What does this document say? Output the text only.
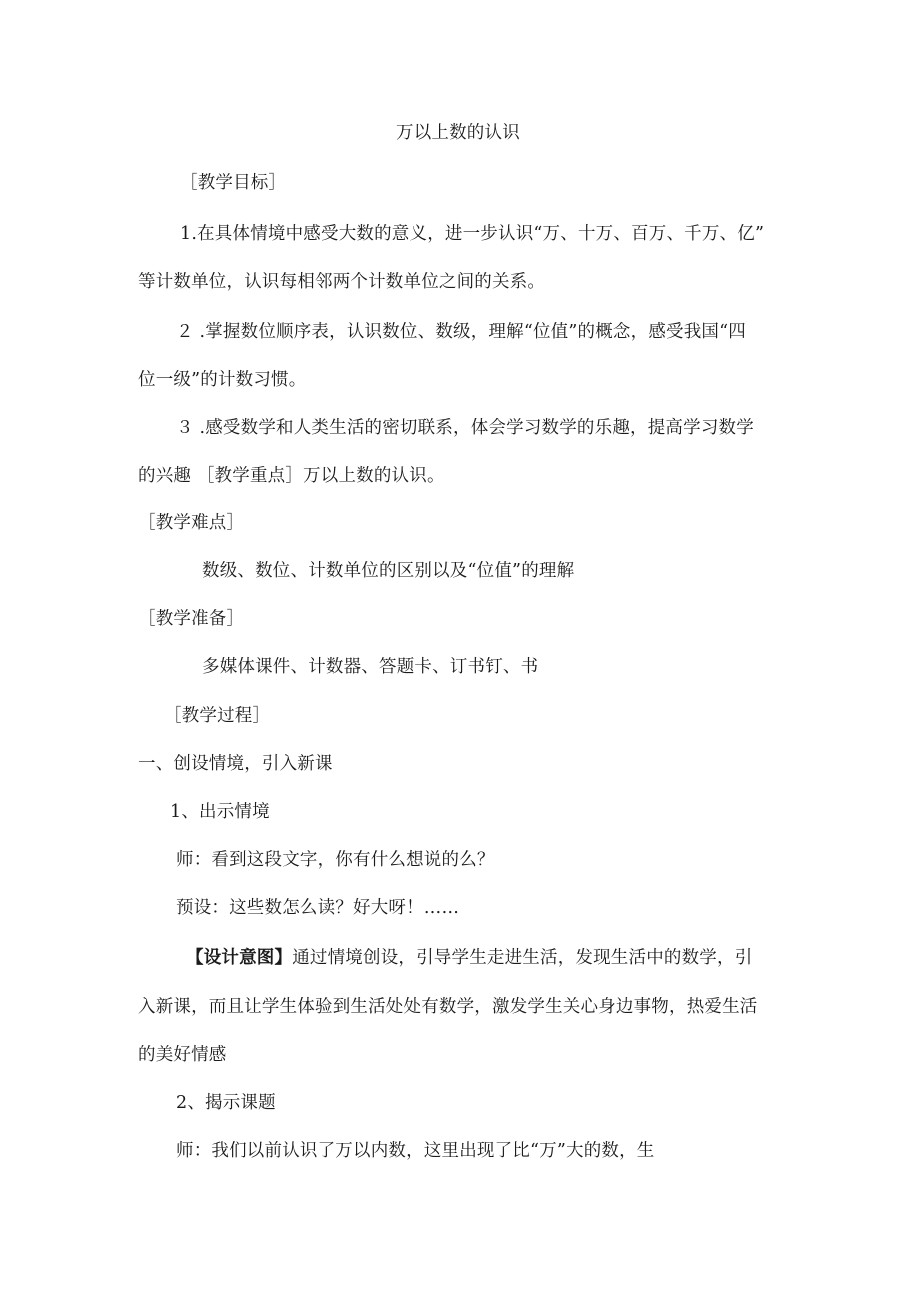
万以上数的认识
［教学目标］
1.在具体情境中感受大数的意义，进一步认识“万、十万、百万、千万、亿”
等计数单位，认识每相邻两个计数单位之间的关系。
２ .掌握数位顺序表，认识数位、数级，理解“位值”的概念，感受我国“四
位一级”的计数习惯。
３ .感受数学和人类生活的密切联系，体会学习数学的乐趣，提高学习数学
的兴趣 ［教学重点］万以上数的认识。
［教学难点］
数级、数位、计数单位的区别以及“位值”的理解
［教学准备］
多媒体课件、计数器、答题卡、订书钉、书
［教学过程］
一、创设情境，引入新课
1、出示情境
师：看到这段文字，你有什么想说的么？
预设：这些数怎么读？好大呀！……
【设计意图】通过情境创设，引导学生走进生活，发现生活中的数学，引
入新课，而且让学生体验到生活处处有数学，激发学生关心身边事物，热爱生活
的美好情感
2、揭示课题
师：我们以前认识了万以内数，这里出现了比“万”大的数，生
